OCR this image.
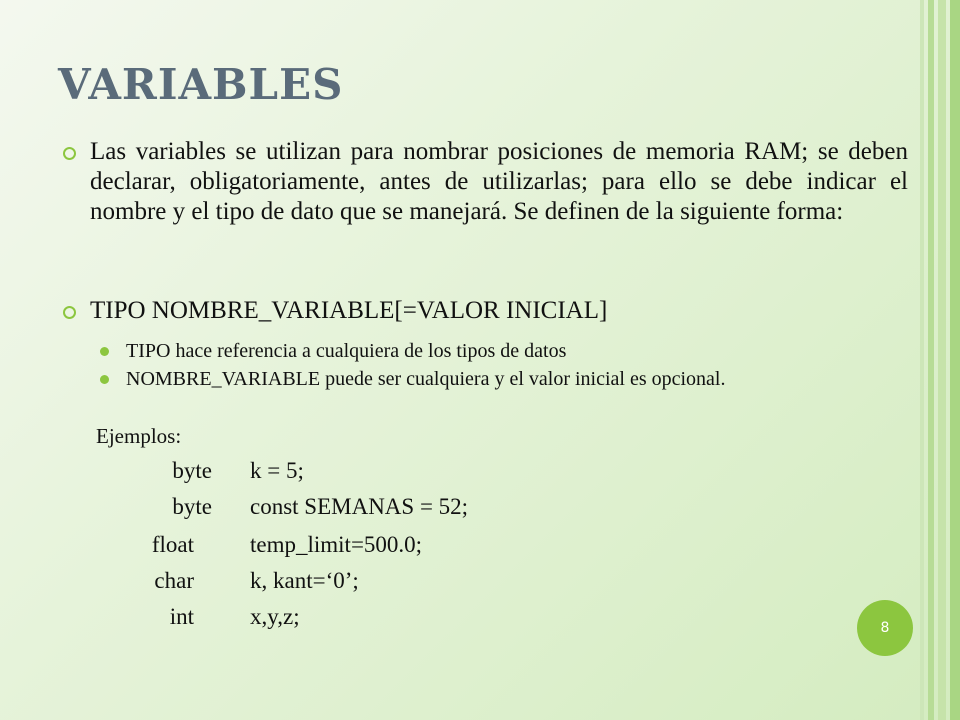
VARIABLES
Las variables se utilizan para nombrar posiciones de memoria RAM; se deben declarar, obligatoriamente, antes de utilizarlas; para ello se debe indicar el nombre y el tipo de dato que se manejará. Se definen de la siguiente forma:
TIPO NOMBRE_VARIABLE[=VALOR INICIAL]
TIPO hace referencia a cualquiera de los tipos de datos
NOMBRE_VARIABLE puede ser cualquiera y el valor inicial es opcional.
Ejemplos:
byte k = 5;
byte const SEMANAS = 52;
float temp_limit=500.0;
char k, kant=‘0’;
int x,y,z;	8
